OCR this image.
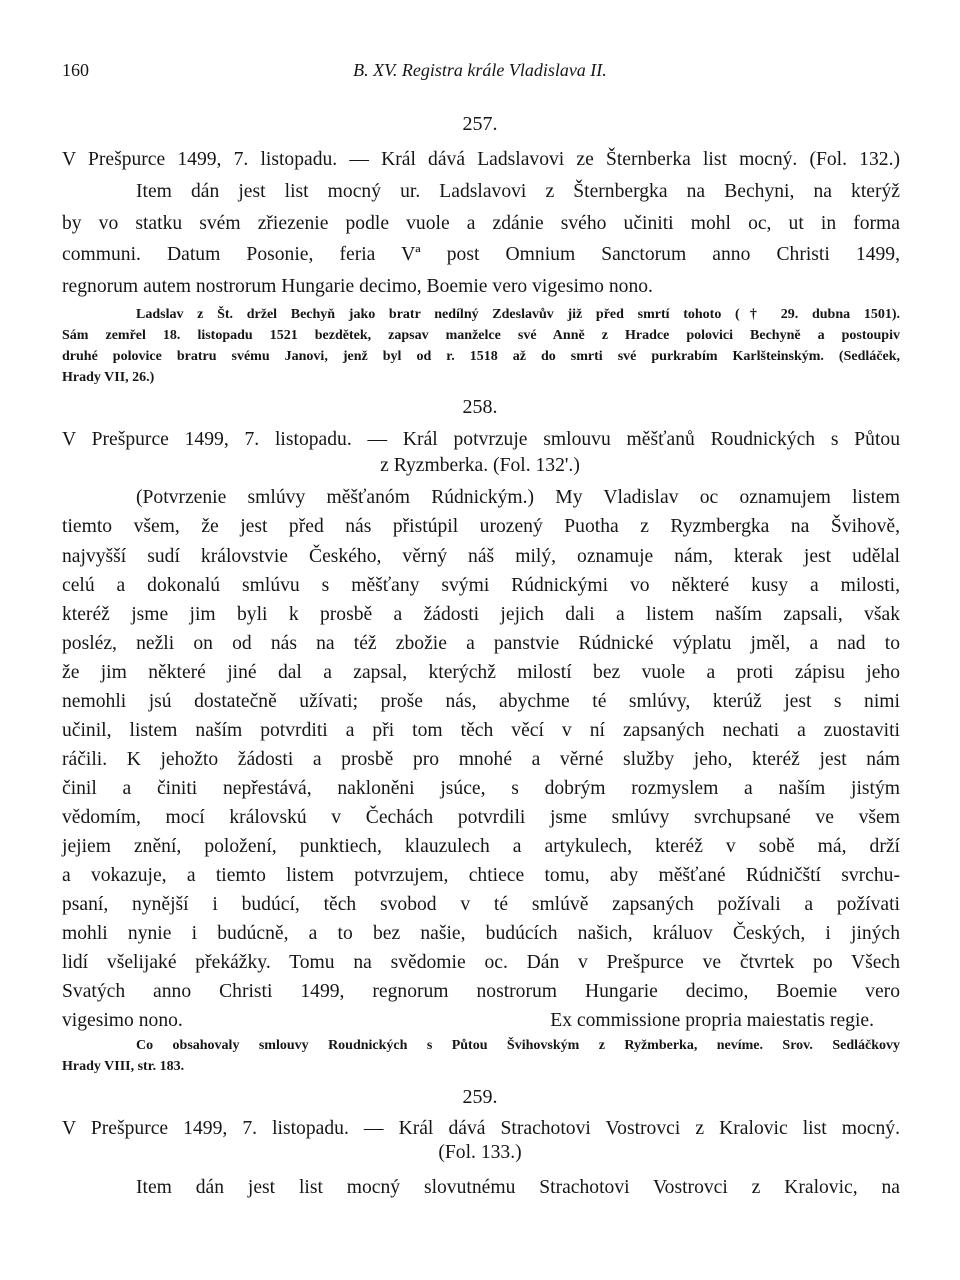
160	B. XV. Registra krále Vladislava II.
257.
V Prešpurce 1499, 7. listopadu. — Král dává Ladslavovi ze Šternberka list mocný. (Fol. 132.)
Item dán jest list mocný ur. Ladslavovi z Šternbergka na Bechyni, na kterýž
by vo statku svém zřiezenie podle vuole a zdánie svého učiniti mohl oc, ut in forma
communi. Datum Posonie, feria Vª post Omnium Sanctorum anno Christi 1499,
regnorum autem nostrorum Hungarie decimo, Boemie vero vigesimo nono.
Ladslav z Št. držel Bechyň jako bratr nedílný Zdeslavův již před smrtí tohoto († 29. dubna 1501).
Sám zemřel 18. listopadu 1521 bezdětek, zapsav manželce své Anně z Hradce polovici Bechyně a postoupiv
druhé polovice bratru svému Janovi, jenž byl od r. 1518 až do smrti své purkrabím Karlšteinským. (Sedláček,
Hrady VII, 26.)
258.
V Prešpurce 1499, 7. listopadu. — Král potvrzuje smlouvu měšťanů Roudnických s Půtou
z Ryzmberka. (Fol. 132'.)
(Potvrzenie smlúvy měšťanóm Rúdnickým.) My Vladislav oc oznamujem listem
tiemto všem, že jest před nás přistúpil urozený Puotha z Ryzmbergka na Švihově,
najvyšší sudí královstvie Českého, věrný náš milý, oznamuje nám, kterak jest udělal
celú a dokonalú smlúvu s měšťany svými Rúdnickými vo některé kusy a milosti,
kteréž jsme jim byli k prosbě a žádosti jejich dali a listem naším zapsali, však
posléz, nežli on od nás na též zbožie a panstvie Rúdnické výplatu jměl, a nad to
že jim některé jiné dal a zapsal, kterýchž milostí bez vuole a proti zápisu jeho
nemohli jsú dostatečně užívati; proše nás, abychme té smlúvy, kterúž jest s nimi
učinil, listem naším potvrditi a při tom těch věcí v ní zapsaných nechati a zuostaviti
ráčili. K jehožto žádosti a prosbě pro mnohé a věrné služby jeho, kteréž jest nám
činil a činiti nepřestává, nakloněni jsúce, s dobrým rozmyslem a naším jistým
vědomím, mocí královskú v Čechách potvrdili jsme smlúvy svrchupsané ve všem
jejiem znění, položení, punktiech, klauzulech a artykulech, kteréž v sobě má, drží
a vokazuje, a tiemto listem potvrzujem, chtiece tomu, aby měšťané Rúdničští svrchu-
psaní, nynější i budúcí, těch svobod v té smlúvě zapsaných požívali a požívati
mohli nynie i budúcně, a to bez našie, budúcích našich, králuov Českých, i jiných
lidí všelijaké překážky. Tomu na svědomie oc. Dán v Prešpurce ve čtvrtek po Všech
Svatých anno Christi 1499, regnorum nostrorum Hungarie decimo, Boemie vero
vigesimo nono.	Ex commissione propria maiestatis regie.
Co obsahovaly smlouvy Roudnických s Půtou Švihovským z Ryžmberka, nevíme. Srov. Sedláčkovy
Hrady VIII, str. 183.
259.
V Prešpurce 1499, 7. listopadu. — Král dává Strachotovi Vostrovci z Kralovic list mocný.
(Fol. 133.)
Item dán jest list mocný slovutnému Strachotovi Vostrovci z Kralovic, na
